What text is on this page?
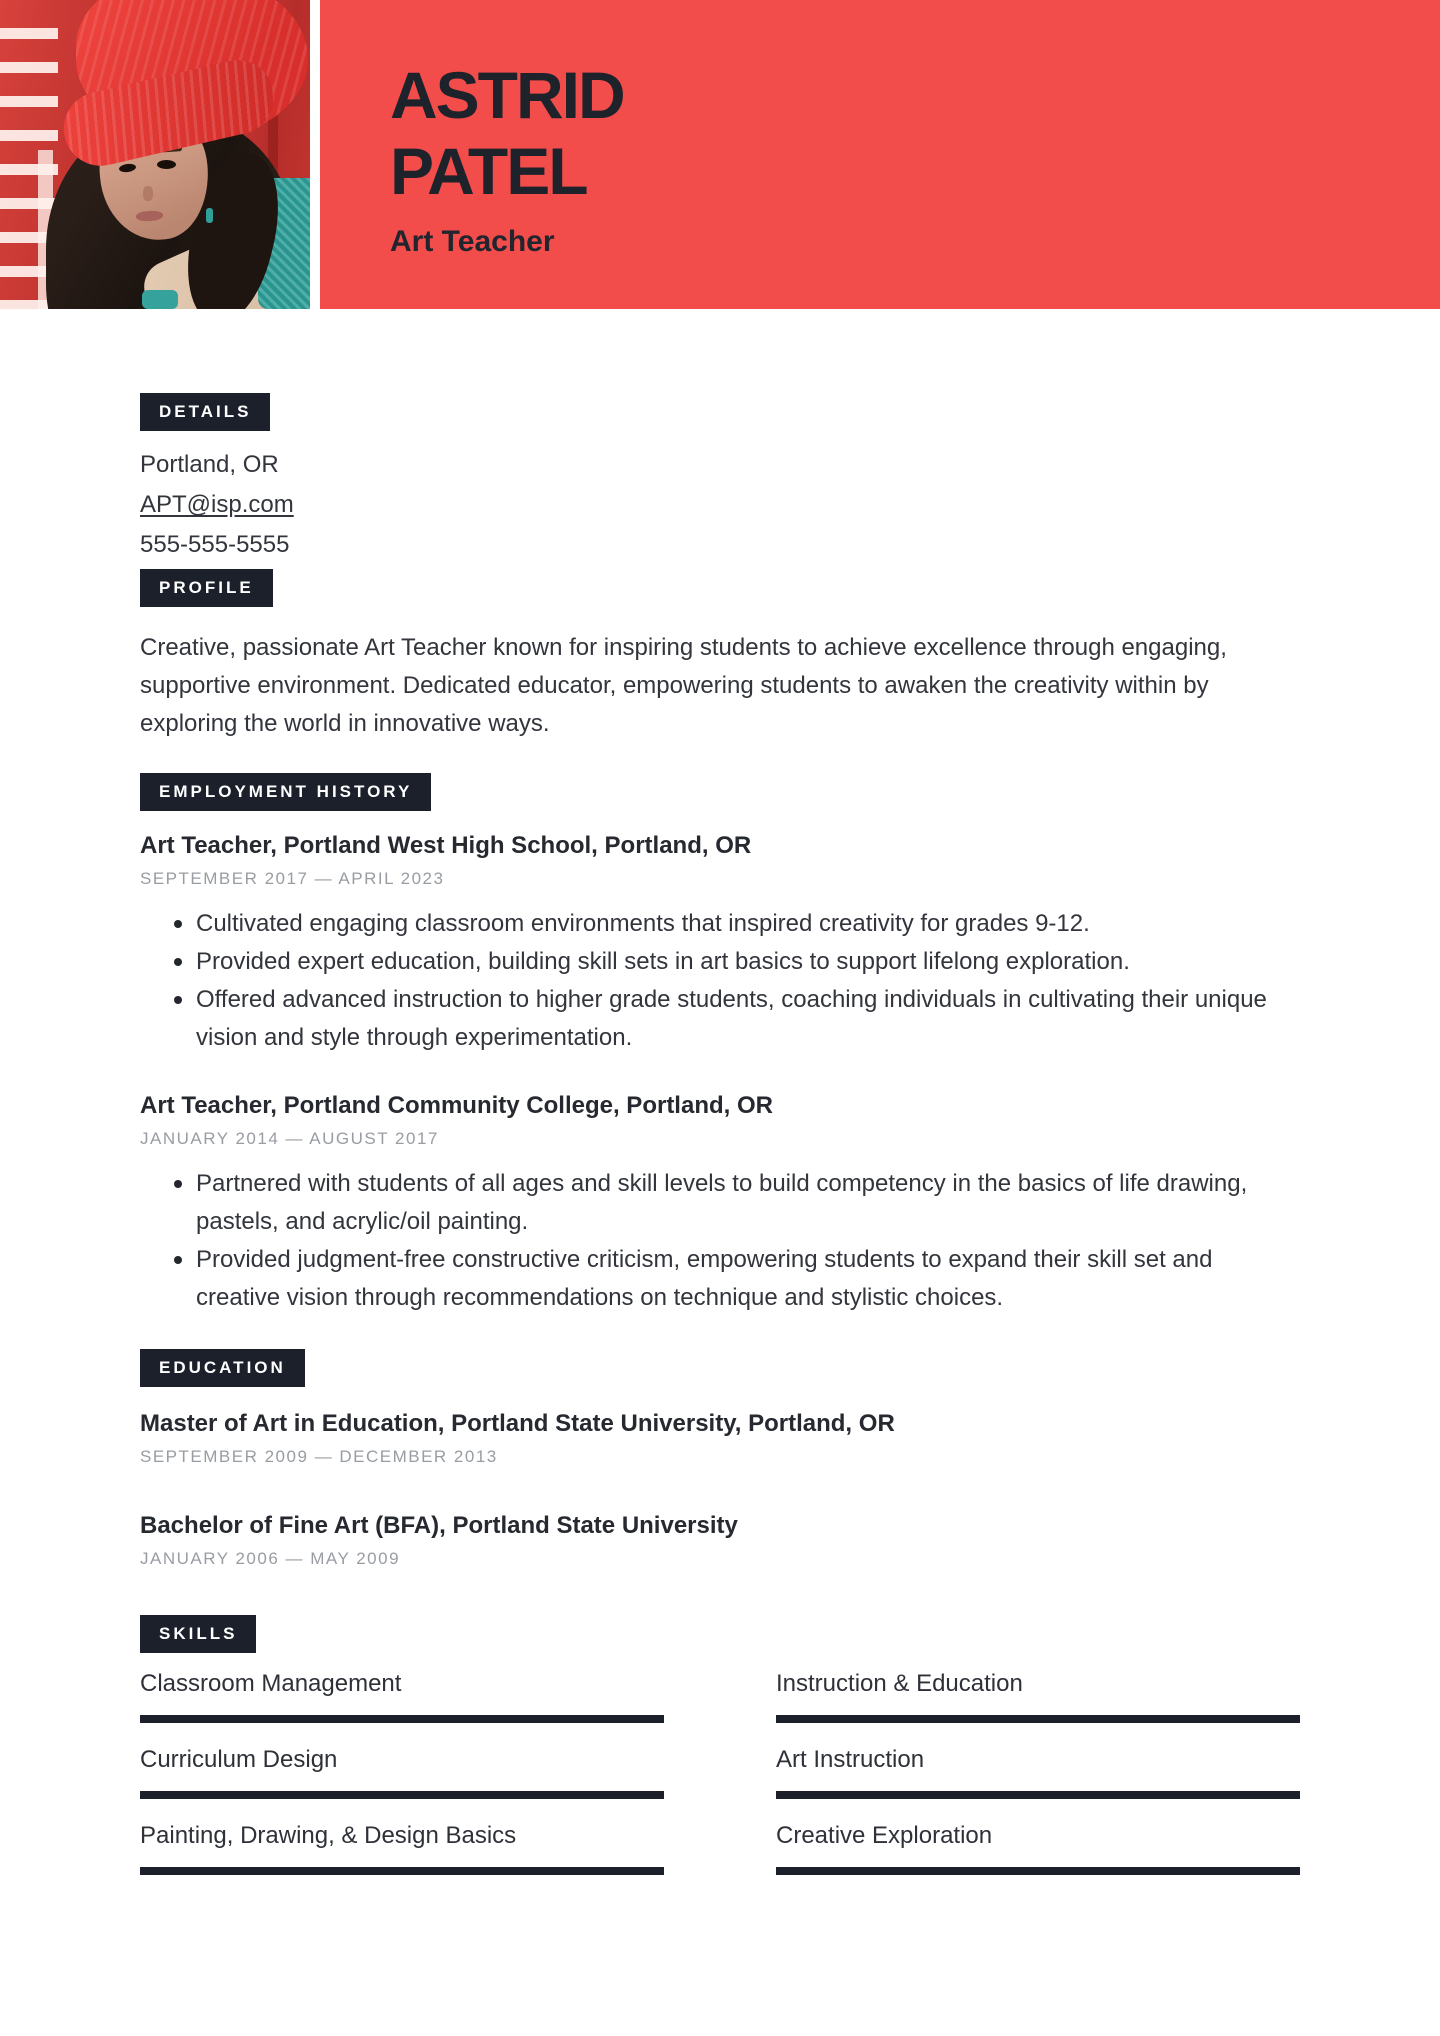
ASTRID
PATEL
Art Teacher
DETAILS
Portland, OR
APT@isp.com
555-555-5555
PROFILE

Creative, passionate Art Teacher known for inspiring students to achieve excellence through engaging, supportive environment. Dedicated educator, empowering students to awaken the creativity within by exploring the world in innovative ways.

EMPLOYMENT HISTORY
Art Teacher, Portland West High School, Portland, OR
SEPTEMBER 2017 — APRIL 2023
Cultivated engaging classroom environments that inspired creativity for grades 9-12.
Provided expert education, building skill sets in art basics to support lifelong exploration.
Offered advanced instruction to higher grade students, coaching individuals in cultivating their unique vision and style through experimentation.
Art Teacher, Portland Community College, Portland, OR
JANUARY 2014 — AUGUST 2017
Partnered with students of all ages and skill levels to build competency in the basics of life drawing, pastels, and acrylic/oil painting.
Provided judgment-free constructive criticism, empowering students to expand their skill set and creative vision through recommendations on technique and stylistic choices.
EDUCATION
Master of Art in Education, Portland State University, Portland, OR
SEPTEMBER 2009 — DECEMBER 2013
Bachelor of Fine Art (BFA), Portland State University
JANUARY 2006 — MAY 2009
SKILLS
Classroom Management	Instruction & Education
Curriculum Design	Art Instruction
Painting, Drawing, & Design Basics	Creative Exploration
